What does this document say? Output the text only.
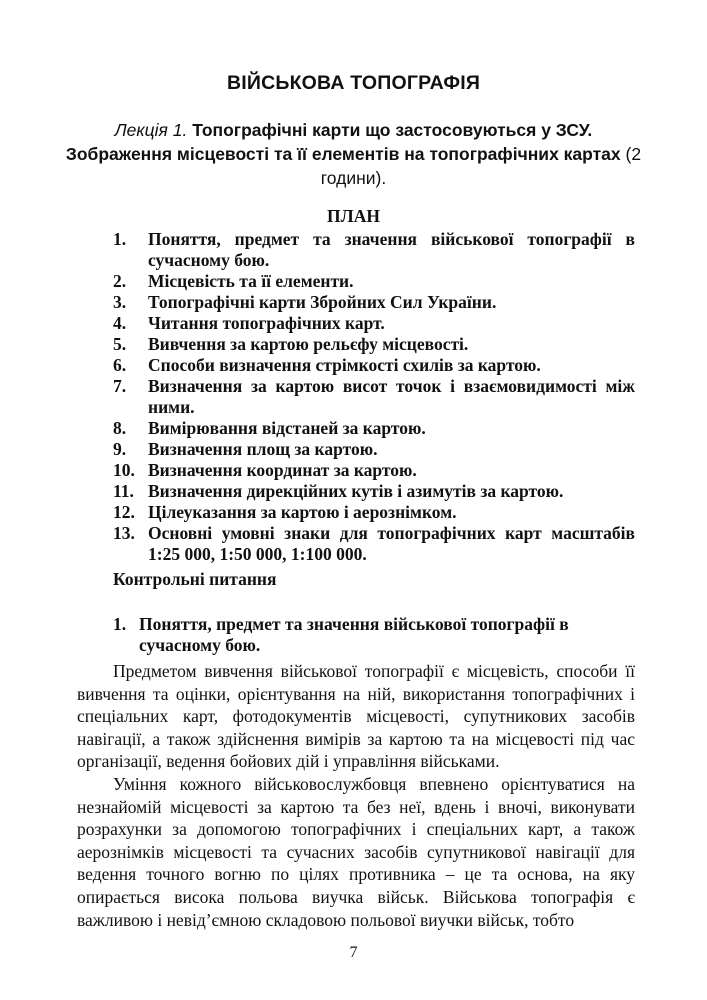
ВІЙСЬКОВА ТОПОГРАФІЯ
Лекція 1. Топографічні карти що застосовуються у ЗСУ. Зображення місцевості та її елементів на топографічних картах (2 години).
ПЛАН
1.	Поняття, предмет та значення військової топографії в сучасному бою.
2.	Місцевість та її елементи.
3.	Топографічні карти Збройних Сил України.
4.	Читання топографічних карт.
5.	Вивчення за картою рельєфу місцевості.
6.	Способи визначення стрімкості схилів за картою.
7.	Визначення за картою висот точок і взаємовидимості між ними.
8.	Вимірювання відстаней за картою.
9.	Визначення площ за картою.
10. Визначення координат за картою.
11. Визначення дирекційних кутів і азимутів за картою.
12. Цілеуказання за картою і аерознімком.
13. Основні умовні знаки для топографічних карт масштабів 1:25 000, 1:50 000, 1:100 000.
Контрольні питання
1. Поняття, предмет та значення військової топографії в сучасному бою.

Предметом вивчення військової топографії є місцевість, способи її вивчення та оцінки, орієнтування на ній, використання топографічних і спеціальних карт, фотодокументів місцевості, супутникових засобів навігації, а також здійснення вимірів за картою та на місцевості під час організації, ведення бойових дій і управління військами.

Уміння кожного військовослужбовця впевнено орієнтуватися на незнайомій місцевості за картою та без неї, вдень і вночі, виконувати розрахунки за допомогою топографічних і спеціальних карт, а також аерознімків місцевості та сучасних засобів супутникової навігації для ведення точного вогню по цілях противника – це та основа, на яку опирається висока польова виучка військ. Військова топографія є важливою і невід’ємною складовою польової виучки військ, тобто

7
